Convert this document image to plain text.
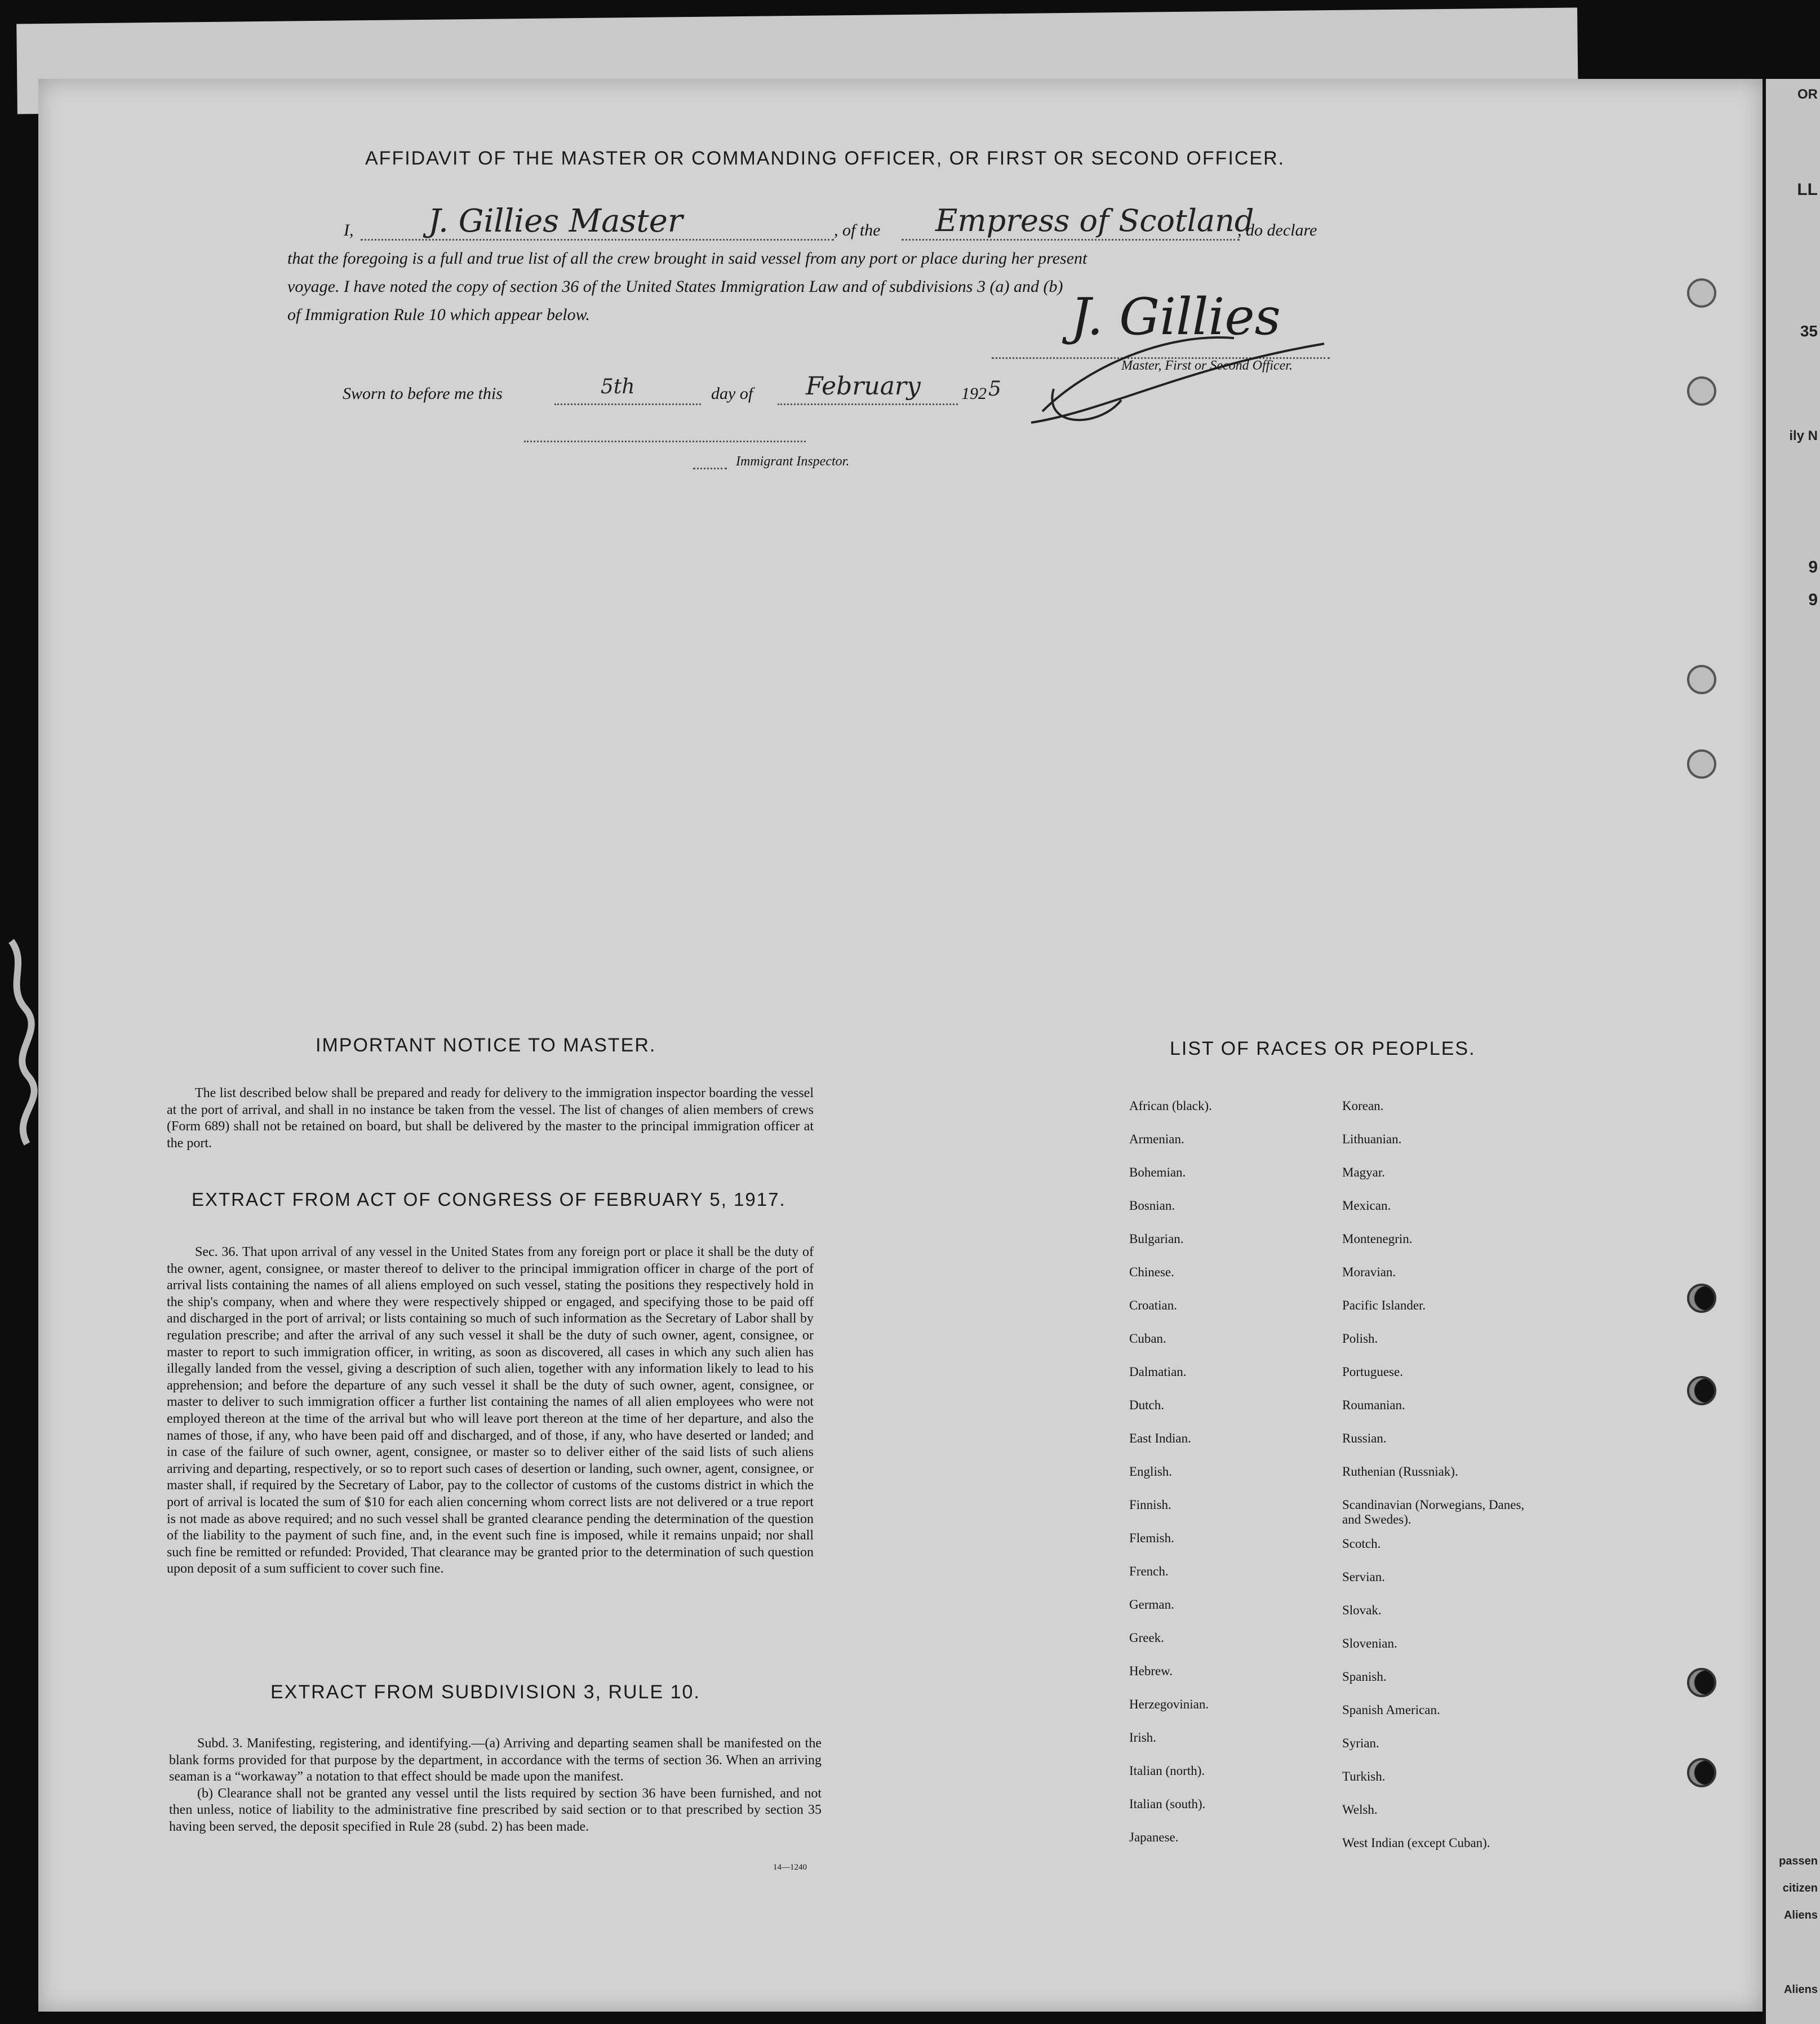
OR
LL
35
ily N
9
9
passen
citizen
Aliens
Aliens
AFFIDAVIT OF THE MASTER OR COMMANDING OFFICER, OR FIRST OR SECOND OFFICER.
I, J. Gillies Master	, of the Empress of Scotland
, do declare
that the foregoing is a full and true list of all the crew brought in said vessel from any port or place during her present
voyage. I have noted the copy of section 36 of the United States Immigration Law and of subdivisions 3 (a) and (b)
of Immigration Rule 10 which appear below.	J. Gillies
Master, First or Second Officer.
Sworn to before me this	5th	day of February 192 5
Immigrant Inspector.
IMPORTANT NOTICE TO MASTER.

The list described below shall be prepared and ready for delivery to the immigration inspector boarding the vessel at the port of arrival, and shall in no instance be taken from the vessel. The list of changes of alien members of crews (Form 689) shall not be retained on board, but shall be delivered by the master to the principal immigration officer at the port.

EXTRACT FROM ACT OF CONGRESS OF FEBRUARY 5, 1917.

Sec. 36. That upon arrival of any vessel in the United States from any foreign port or place it shall be the duty of the owner, agent, consignee, or master thereof to deliver to the principal immigration officer in charge of the port of arrival lists containing the names of all aliens employed on such vessel, stating the positions they respectively hold in the ship's company, when and where they were respectively shipped or engaged, and specifying those to be paid off and discharged in the port of arrival; or lists containing so much of such information as the Secretary of Labor shall by regulation prescribe; and after the arrival of any such vessel it shall be the duty of such owner, agent, consignee, or master to report to such immigration officer, in writing, as soon as discovered, all cases in which any such alien has illegally landed from the vessel, giving a description of such alien, together with any information likely to lead to his apprehension; and before the departure of any such vessel it shall be the duty of such owner, agent, consignee, or master to deliver to such immigration officer a further list containing the names of all alien employees who were not employed thereon at the time of the arrival but who will leave port thereon at the time of her departure, and also the names of those, if any, who have been paid off and discharged, and of those, if any, who have deserted or landed; and in case of the failure of such owner, agent, consignee, or master so to deliver either of the said lists of such aliens arriving and departing, respectively, or so to report such cases of desertion or landing, such owner, agent, consignee, or master shall, if required by the Secretary of Labor, pay to the collector of customs of the customs district in which the port of arrival is located the sum of $10 for each alien concerning whom correct lists are not delivered or a true report is not made as above required; and no such vessel shall be granted clearance pending the determination of the question of the liability to the payment of such fine, and, in the event such fine is imposed, while it remains unpaid; nor shall such fine be remitted or refunded: Provided, That clearance may be granted prior to the determination of such question upon deposit of a sum sufficient to cover such fine.

EXTRACT FROM SUBDIVISION 3, RULE 10.

Subd. 3. Manifesting, registering, and identifying.—(a) Arriving and departing seamen shall be manifested on the blank forms provided for that purpose by the department, in accordance with the terms of section 36. When an arriving seaman is a “workaway” a notation to that effect should be made upon the manifest.

(b) Clearance shall not be granted any vessel until the lists required by section 36 have been furnished, and not then unless, notice of liability to the administrative fine prescribed by said section or to that prescribed by section 35 having been served, the deposit specified in Rule 28 (subd. 2) has been made.

14—1240
LIST OF RACES OR PEOPLES.
African (black).
Armenian.
Bohemian.
Bosnian.
Bulgarian.
Chinese.
Croatian.
Cuban.
Dalmatian.
Dutch.
East Indian.
English.
Finnish.
Flemish.
French.
German.
Greek.
Hebrew.
Herzegovinian.
Irish.
Italian (north).
Italian (south).
Japanese.
Korean.
Lithuanian.
Magyar.
Mexican.
Montenegrin.
Moravian.
Pacific Islander.
Polish.
Portuguese.
Roumanian.
Russian.
Ruthenian (Russniak).
Scandinavian (Norwegians, Danes, and Swedes).
Scotch.
Servian.
Slovak.
Slovenian.
Spanish.
Spanish American.
Syrian.
Turkish.
Welsh.
West Indian (except Cuban).
